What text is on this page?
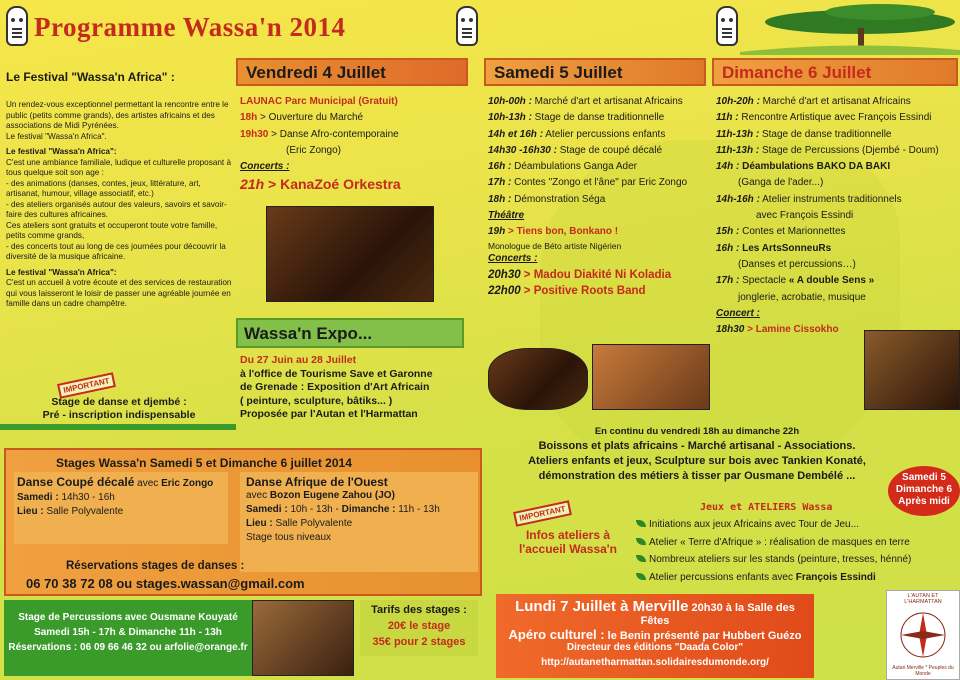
Programme Wassa'n 2014
Le Festival "Wassa'n Africa" :

Un rendez-vous exceptionnel permettant la rencontre entre le public (petits comme grands), des artistes africains et des associations de Midi Pyrénées.

Le festival "Wassa'n Africa".

Le festival "Wassa'n Africa":

C'est une ambiance familiale, ludique et culturelle proposant à tous quelque soit son age :

- des animations (danses, contes, jeux, littérature, art, artisanat, humour, village associatif, etc.)

- des ateliers organisés autour des valeurs, savoirs et savoir-faire des cultures africaines.

Ces ateliers sont gratuits et occuperont toute votre famille, petits comme grands,

- des concerts tout au long de ces journées pour découvrir la diversité de la musique africaine.

Le festival "Wassa'n Africa":

C'est un accueil à votre écoute et des services de restauration qui vous laisseront le loisir de passer une agréable journée en famille dans un cadre champêtre.

IMPORTANT
Stage de danse et djembé :
Pré - inscription indispensable
Vendredi 4 Juillet
LAUNAC Parc Municipal (Gratuit)
18h > Ouverture du Marché
19h30 > Danse Afro-contemporaine
(Eric Zongo)
Concerts :
21h > KanaZoé Orkestra
Wassa'n Expo...
Du 27 Juin au 28 Juillet
à l'office de Tourisme Save et Garonne
de Grenade : Exposition d'Art Africain
( peinture, sculpture, bâtiks... )
Proposée par l'Autan et l'Harmattan
Samedi 5 Juillet
10h-00h : Marché d'art et artisanat Africains
10h-13h : Stage de danse traditionnelle
14h et 16h : Atelier percussions enfants
14h30 -16h30 : Stage de coupé décalé
16h : Déambulations Ganga Ader
17h : Contes "Zongo et l'âne" par Eric Zongo
18h : Démonstration Séga
Théâtre
19h > Tiens bon, Bonkano !
Monologue de Béto artiste Nigérien
Concerts :
20h30 > Madou Diakité Ni Koladia
22h00 > Positive Roots Band
Dimanche 6 Juillet
10h-20h : Marché d'art et artisanat Africains
11h : Rencontre Artistique avec François Essindi
11h-13h : Stage de danse traditionnelle
11h-13h : Stage de Percussions (Djembé - Doum)
14h : Déambulations BAKO DA BAKI
(Ganga de l'ader...)
14h-16h : Atelier instruments traditionnels
avec François Essindi
15h : Contes et Marionnettes
16h : Les ArtsSonneuRs
(Danses et percussions…)
17h : Spectacle « A double Sens »
jonglerie, acrobatie, musique
Concert :
18h30 > Lamine Cissokho
En continu du vendredi 18h au dimanche 22h
Boissons et plats africains - Marché artisanal - Associations.
Ateliers enfants et jeux, Sculpture sur bois avec Tankien Konaté,
démonstration des métiers à tisser par Ousmane Dembélé ...	Samedi 5
Dimanche 6
Après midi
Jeux et ATELIERS Wassa
Initiations aux jeux Africains avec Tour de Jeu...
Atelier « Terre d'Afrique » : réalisation de masques en terre
Nombreux ateliers sur les stands (peinture, tresses, hénné)
Atelier percussions enfants avec François Essindi
IMPORTANT
Infos ateliers à
l'accueil Wassa'n
Stages Wassa'n Samedi 5 et Dimanche 6 juillet 2014
Danse Coupé décalé avec Eric Zongo
Samedi : 14h30 - 16h
Lieu : Salle Polyvalente
Danse Afrique de l'Ouest
avec Bozon Eugene Zahou (JO)
Samedi : 10h - 13h - Dimanche : 11h - 13h
Lieu : Salle Polyvalente
Stage tous niveaux
Réservations stages de danses :
06 70 38 72 08 ou stages.wassan@gmail.com
Stage de Percussions avec Ousmane Kouyaté
Samedi 15h - 17h & Dimanche 11h - 13h
Réservations : 06 09 66 46 32 ou arfolie@orange.fr
Tarifs des stages :
20€ le stage
35€ pour 2 stages
Lundi 7 Juillet à Merville 20h30 à la Salle des Fêtes
Apéro culturel : le Benin présenté par Hubbert Guézo
Directeur des éditions "Daada Color"
http://autanetharmattan.solidairesdumonde.org/
L'AUTAN ET L'HARMATTAN
Autan Merville * Peuples du Monde
